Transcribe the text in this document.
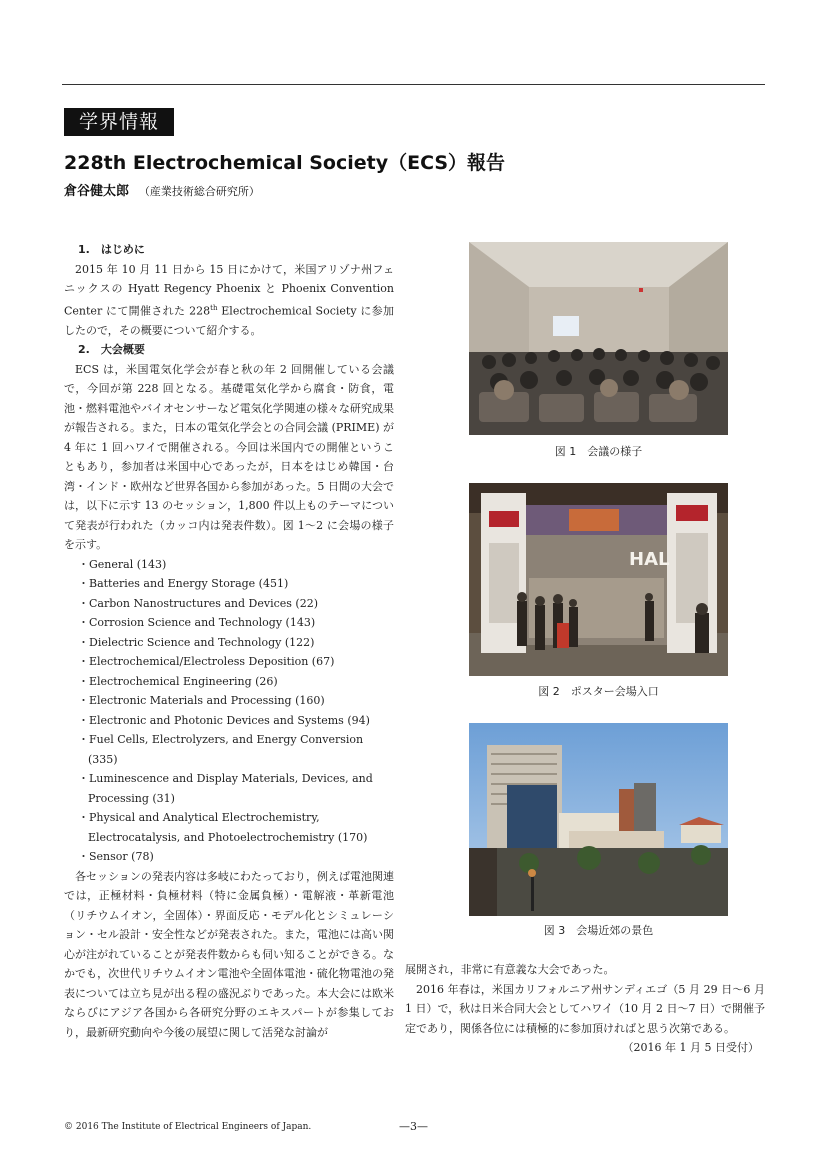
学界情報
228th Electrochemical Society（ECS）報告
倉谷健太郎 （産業技術総合研究所）
1.　はじめに

2015 年 10 月 11 日から 15 日にかけて，米国アリゾナ州フェニックスの Hyatt Regency Phoenix と Phoenix Convention Center にて開催された 228th Electrochemical Society に参加したので，その概要について紹介する。

2.　大会概要

ECS は，米国電気化学会が春と秋の年 2 回開催している会議で，今回が第 228 回となる。基礎電気化学から腐食・防食，電池・燃料電池やバイオセンサーなど電気化学関連の様々な研究成果が報告される。また，日本の電気化学会との合同会議 (PRIME) が 4 年に 1 回ハワイで開催される。今回は米国内での開催ということもあり，参加者は米国中心であったが，日本をはじめ韓国・台湾・インド・欧州など世界各国から参加があった。5 日間の大会では，以下に示す 13 のセッション，1,800 件以上ものテーマについて発表が行われた（カッコ内は発表件数）。図 1〜2 に会場の様子を示す。

・ General (143)
・ Batteries and Energy Storage (451)
・ Carbon Nanostructures and Devices (22)
・ Corrosion Science and Technology (143)
・ Dielectric Science and Technology (122)
・ Electrochemical/Electroless Deposition (67)
・ Electrochemical Engineering (26)
・ Electronic Materials and Processing (160)
・ Electronic and Photonic Devices and Systems (94)
・ Fuel Cells, Electrolyzers, and Energy Conversion (335)
・ Luminescence and Display Materials, Devices, and Processing (31)
・ Physical and Analytical Electrochemistry, Electrocatalysis, and Photoelectrochemistry (170)
・ Sensor (78)

各セッションの発表内容は多岐にわたっており，例えば電池関連では，正極材料・負極材料（特に金属負極）・電解液・革新電池（リチウムイオン，全固体）・界面反応・モデル化とシミュレーション・セル設計・安全性などが発表された。また，電池には高い関心が注がれていることが発表件数からも伺い知ることができる。なかでも，次世代リチウムイオン電池や全固体電池・硫化物電池の発表については立ち見が出る程の盛況ぶりであった。本大会には欧米ならびにアジア各国から各研究分野のエキスパートが参集しており，最新研究動向や今後の展望に関して活発な討論が

図 1　会議の様子
HAL
図 2　ポスター会場入口
図 3　会場近郊の景色

展開され，非常に有意義な大会であった。

2016 年春は，米国カリフォルニア州サンディエゴ（5 月 29 日〜6 月 1 日）で，秋は日米合同大会としてハワイ（10 月 2 日〜7 日）で開催予定であり，関係各位には積極的に参加頂ければと思う次第である。

（2016 年 1 月 5 日受付）

© 2016 The Institute of Electrical Engineers of Japan.	—3—
